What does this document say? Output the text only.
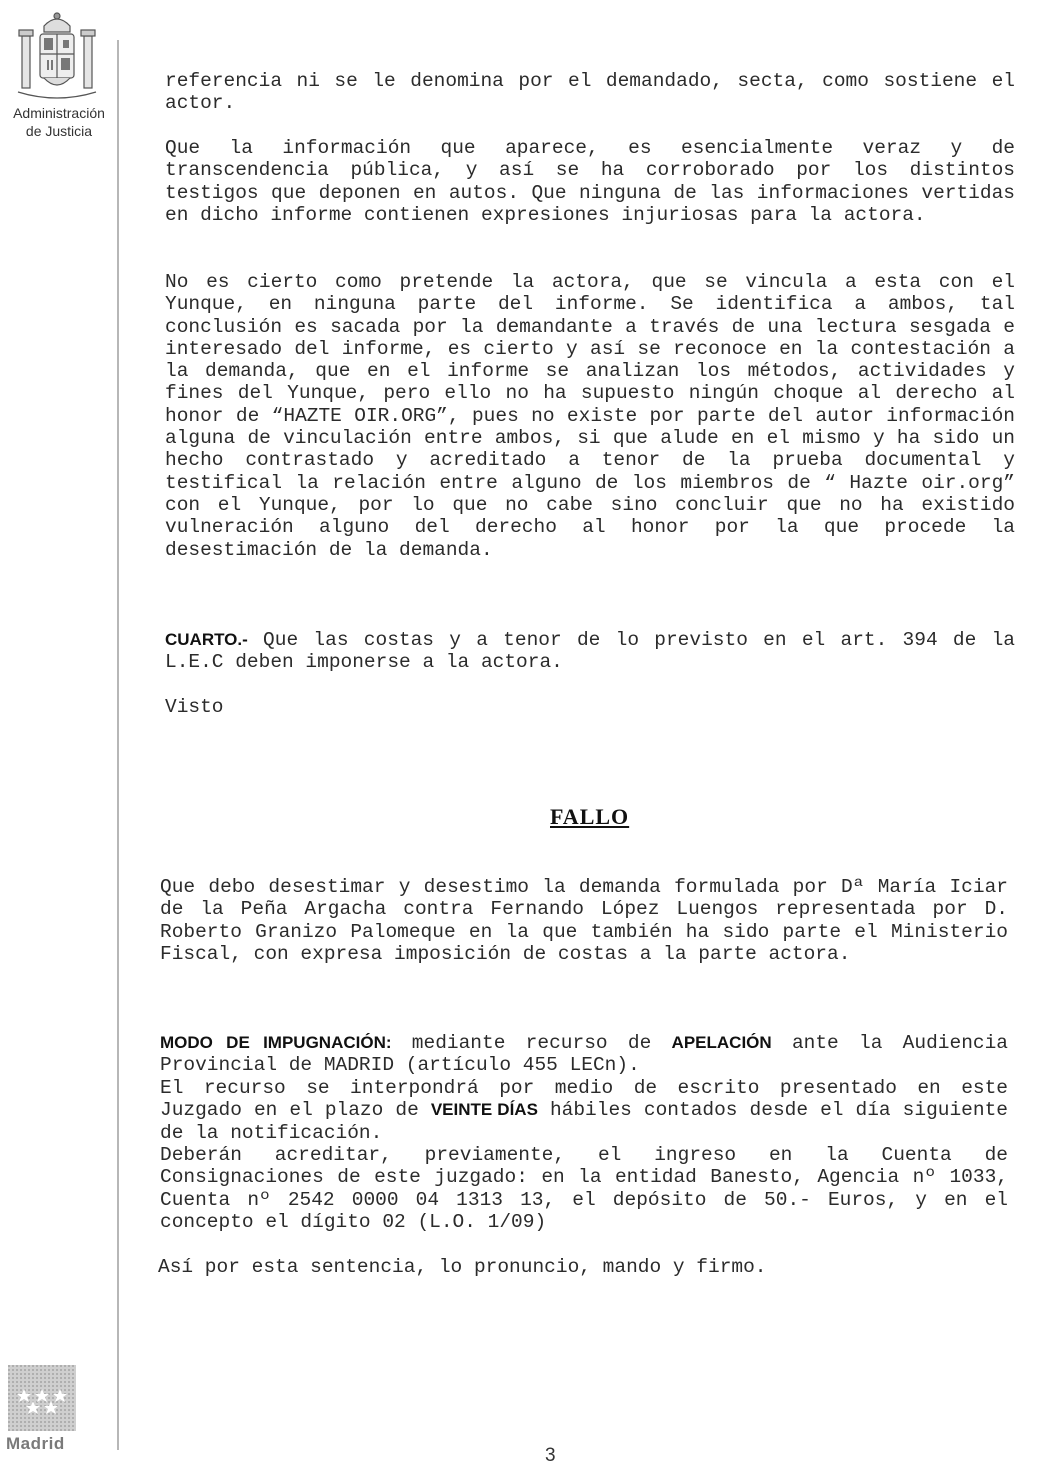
Administración
de Justicia

referencia ni se le denomina por el demandado, secta, como sostiene el actor.

Que la información que aparece, es esencialmente veraz y de transcendencia pública, y así se ha corroborado por los distintos testigos que deponen en autos. Que ninguna de las informaciones vertidas en dicho informe contienen expresiones injuriosas para la actora.

No es cierto como pretende la actora, que se vincula a esta con el Yunque, en ninguna parte del informe. Se identifica a ambos, tal conclusión es sacada por la demandante a través de una lectura sesgada e interesado del informe, es cierto y así se reconoce en la contestación a la demanda, que en el informe se analizan los métodos, actividades y fines del Yunque, pero ello no ha supuesto ningún choque al derecho al honor de “HAZTE OIR.ORG”, pues no existe por parte del autor información alguna de vinculación entre ambos, si que alude en el mismo y ha sido un hecho contrastado y acreditado a tenor de la prueba documental y testifical la relación entre alguno de los miembros de “ Hazte oir.org” con el Yunque, por lo que no cabe sino concluir que no ha existido vulneración alguno del derecho al honor por la que procede la desestimación de la demanda.

CUARTO.- Que las costas y a tenor de lo previsto en el art. 394 de la L.E.C deben imponerse a la actora.

Visto

FALLO

Que debo desestimar y desestimo la demanda formulada por Dª María Iciar de la Peña Argacha contra Fernando López Luengos representada por D. Roberto Granizo Palomeque en la que también ha sido parte el Ministerio Fiscal, con expresa imposición de costas a la parte actora.

MODO DE IMPUGNACIÓN: mediante recurso de APELACIÓN ante la Audiencia Provincial de MADRID (artículo 455 LECn).

El recurso se interpondrá por medio de escrito presentado en este Juzgado en el plazo de VEINTE DÍAS hábiles contados desde el día siguiente de la notificación.

Deberán acreditar, previamente, el ingreso en la Cuenta de Consignaciones de este juzgado: en la entidad Banesto, Agencia nº 1033, Cuenta nº 2542 0000 04 1313 13, el depósito de 50.- Euros, y en el concepto el dígito 02 (L.O. 1/09)

Así por esta sentencia, lo pronuncio, mando y firmo.

Madrid
3
